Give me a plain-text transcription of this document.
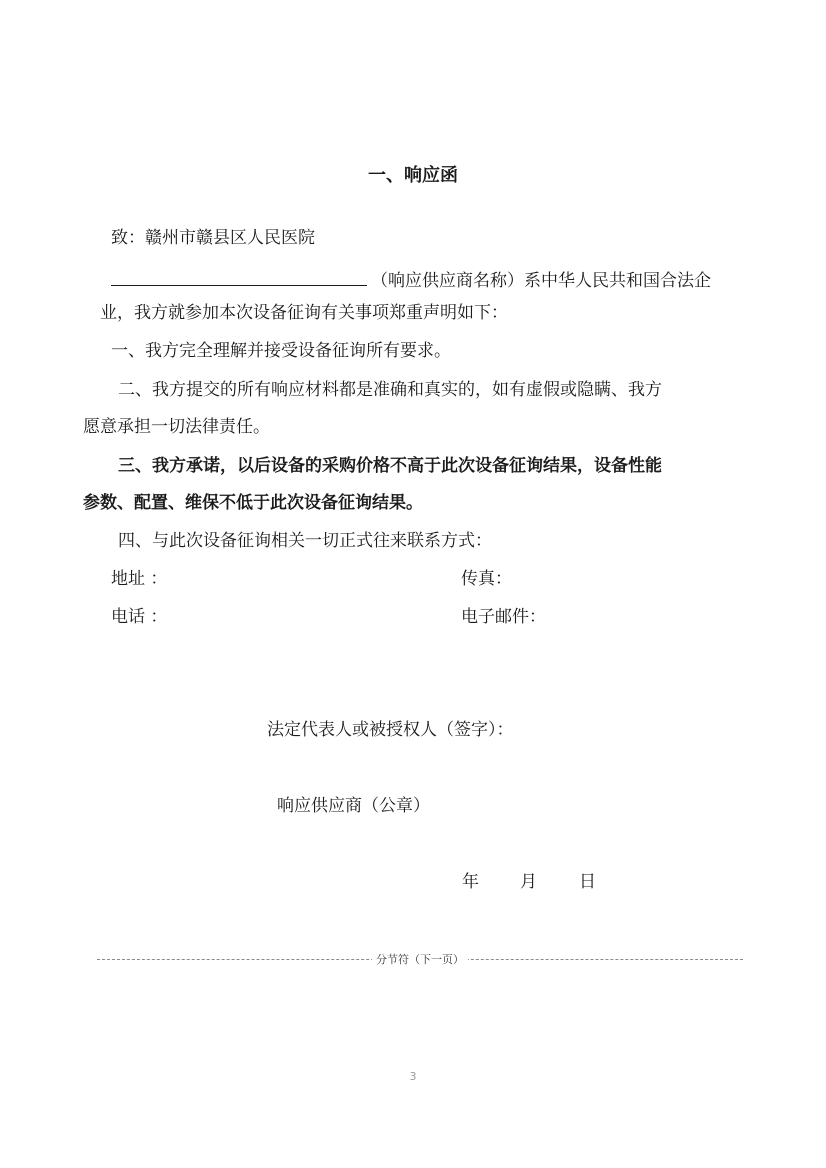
一、响应函
致：赣州市赣县区人民医院
（响应供应商名称）系中华人民共和国合法企
业，我方就参加本次设备征询有关事项郑重声明如下：
一、我方完全理解并接受设备征询所有要求。
二、我方提交的所有响应材料都是准确和真实的，如有虚假或隐瞒、我方
愿意承担一切法律责任。
三、我方承诺，以后设备的采购价格不高于此次设备征询结果，设备性能
参数、配置、维保不低于此次设备征询结果。
四、与此次设备征询相关一切正式往来联系方式：
地址 ：	传真：
电话 ：	电子邮件：
法定代表人或被授权人（签字）：
响应供应商（公章）
年 月 日
分节符（下一页）
3
